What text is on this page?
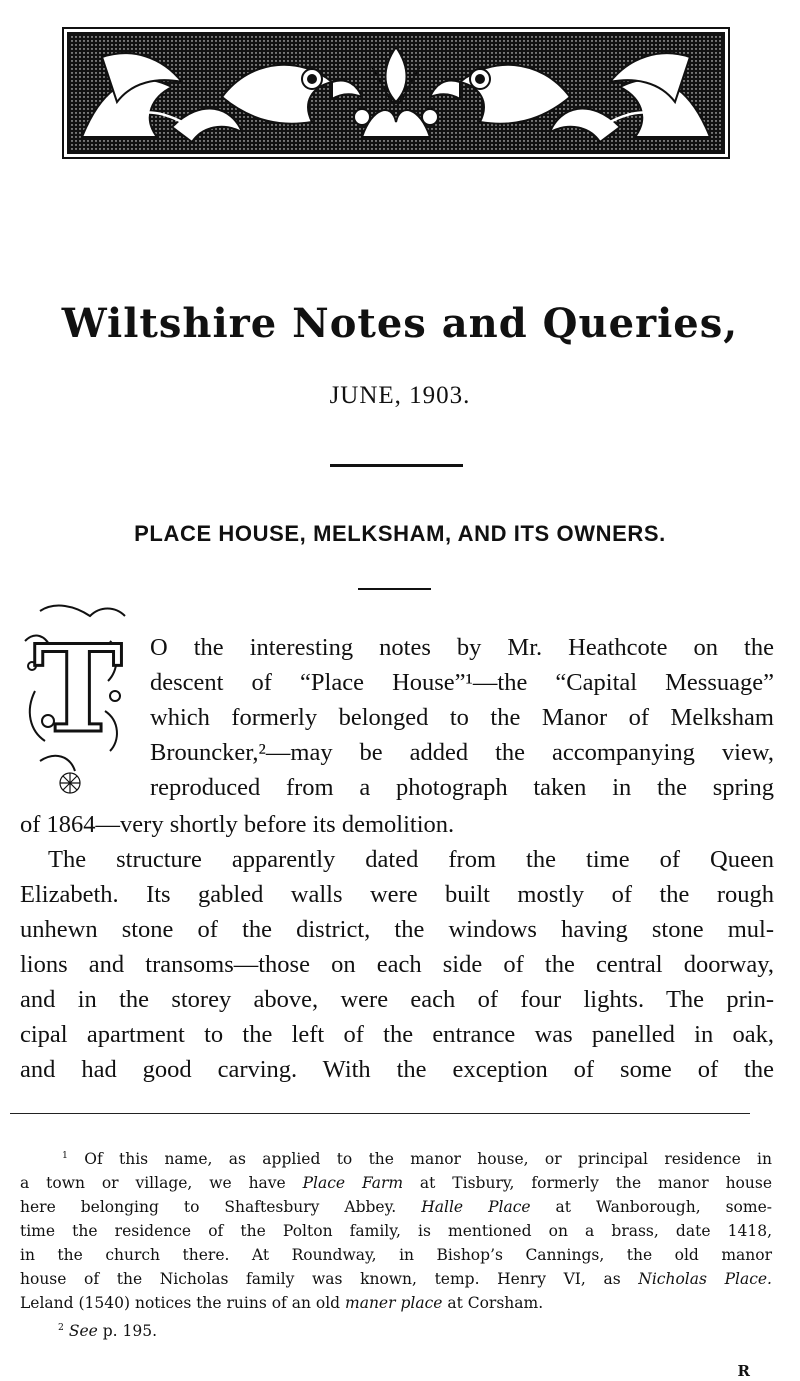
Wiltshire Notes and Queries,
JUNE, 1903.
PLACE HOUSE, MELKSHAM, AND ITS OWNERS.
T O the interesting notes by Mr. Heathcote on the
descent of “Place House”¹—the “Capital Messuage”
which formerly belonged to the Manor of Melksham
Brouncker,²—may be added the accompanying view,
reproduced from a photograph taken in the spring
of 1864—very shortly before its demolition.
The structure apparently dated from the time of Queen
Elizabeth. Its gabled walls were built mostly of the rough
unhewn stone of the district, the windows having stone mul-
lions and transoms—those on each side of the central doorway,
and in the storey above, were each of four lights. The prin-
cipal apartment to the left of the entrance was panelled in oak,
and had good carving. With the exception of some of the
$^1$ Of this name, as applied to the manor house, or principal residence in
a town or village, we have Place Farm at Tisbury, formerly the manor house
here belonging to Shaftesbury Abbey. Halle Place at Wanborough, some-
time the residence of the Polton family, is mentioned on a brass, date 1418,
in the church there. At Roundway, in Bishop’s Cannings, the old manor
house of the Nicholas family was known, temp. Henry VI, as Nicholas Place.
Leland (1540) notices the ruins of an old maner place at Corsham.
$^2$ See p. 195.
R
